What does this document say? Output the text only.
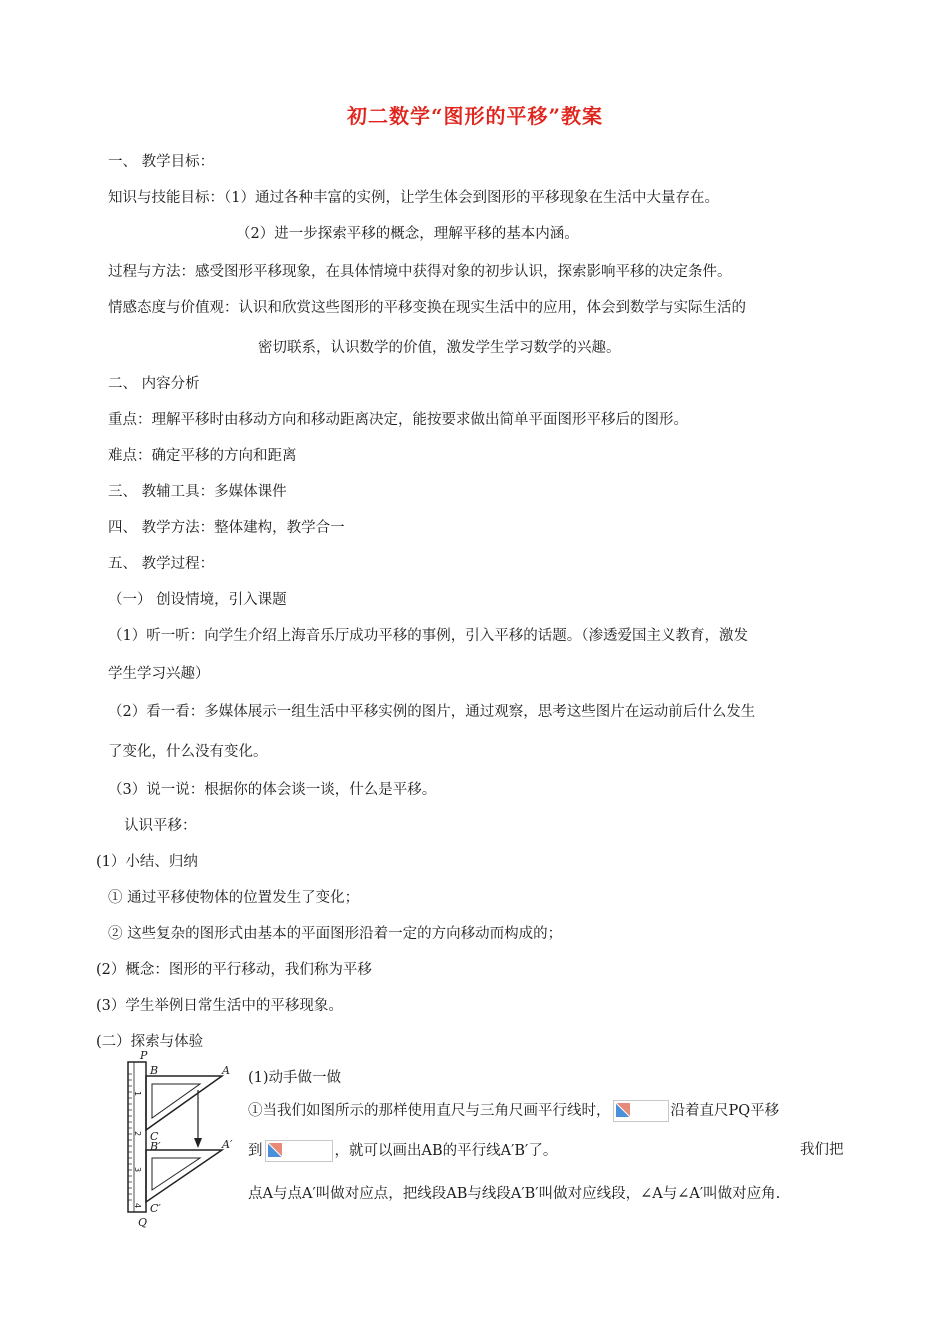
初二数学“图形的平移”教案
一、 教学目标：
知识与技能目标：（1）通过各种丰富的实例，让学生体会到图形的平移现象在生活中大量存在。
（2）进一步探索平移的概念，理解平移的基本内涵。
过程与方法：感受图形平移现象，在具体情境中获得对象的初步认识，探索影响平移的决定条件。
情感态度与价值观：认识和欣赏这些图形的平移变换在现实生活中的应用，体会到数学与实际生活的
密切联系，认识数学的价值，激发学生学习数学的兴趣。
二、 内容分析
重点：理解平移时由移动方向和移动距离决定，能按要求做出简单平面图形平移后的图形。
难点：确定平移的方向和距离
三、 教辅工具：多媒体课件
四、 教学方法：整体建构，教学合一
五、 教学过程：
（一） 创设情境，引入课题
（1）听一听：向学生介绍上海音乐厅成功平移的事例，引入平移的话题。（渗透爱国主义教育，激发
学生学习兴趣）
（2）看一看：多媒体展示一组生活中平移实例的图片，通过观察，思考这些图片在运动前后什么发生
了变化，什么没有变化。
（3）说一说：根据你的体会谈一谈，什么是平移。
认识平移：
(1）小结、归纳
① 通过平移使物体的位置发生了变化；
② 这些复杂的图形式由基本的平面图形沿着一定的方向移动而构成的；
(2）概念：图形的平行移动，我们称为平移
(3）学生举例日常生活中的平移现象。
(二）探索与体验
P
B	A
C
B′	A′
C′
Q
1
2
3
4
(1)动手做一做
①当我们如图所示的那样使用直尺与三角尺画平行线时，	沿着直尺PQ平移
到	，就可以画出AB的平行线A′B′了。	我们把
点A与点A′叫做对应点，把线段AB与线段A′B′叫做对应线段，∠A与∠A′叫做对应角.
